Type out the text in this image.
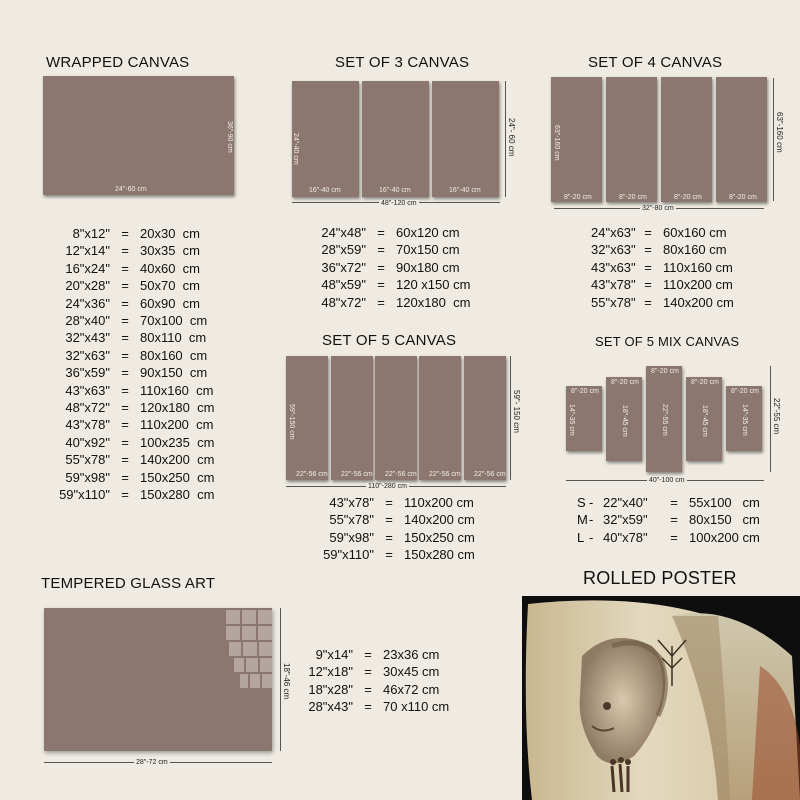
WRAPPED CANVAS
24"-60 cm
36"-90 cm
8"x12" = 20x30  cm
12"x14" = 30x35  cm
16"x24" = 40x60  cm
20"x28" = 50x70  cm
24"x36" = 60x90  cm
28"x40" = 70x100  cm
32"x43" = 80x110  cm
32"x63" = 80x160  cm
36"x59" = 90x150  cm
43"x63" = 110x160  cm
48"x72" = 120x180  cm
43"x78" = 110x200  cm
40"x92" = 100x235  cm
55"x78" = 140x200  cm
59"x98" = 150x250  cm
59"x110" = 150x280  cm
SET OF 3 CANVAS
24"-40 cm
16"-40 cm	16"-40 cm	16"-40 cm
48"-120 cm
24"- 60 cm
24"x48" = 60x120 cm
28"x59" = 70x150 cm
36"x72" = 90x180 cm
48"x59" = 120 x150 cm
48"x72" = 120x180  cm
SET OF 4 CANVAS
63"-160 cm
8"-20 cm	8"-20 cm	8"-20 cm	8"-20 cm
32"-80 cm
63"-160 cm
24"x63" = 60x160 cm
32"x63" = 80x160 cm
43"x63" = 110x160 cm
43"x78" = 110x200 cm
55"x78" = 140x200 cm
SET OF 5 CANVAS
59"-150 cm
22"-56 cm 22"-56 cm 22"-56 cm 22"-56 cm 22"-56 cm
110"-280 cm
59"- 150 cm
43"x78" = 110x200 cm
55"x78" = 140x200 cm
59"x98" = 150x250 cm
59"x110" = 150x280 cm
SET OF 5 MIX CANVAS
8"-20 cm
14"-35 cm
8"-20 cm
18"-45 cm
8"-20 cm
22"-55 cm
8"-20 cm
18"-45 cm
8"-20 cm
14"-35 cm
40"-100 cm
22"-55 cm
S - 22"x40" = 55x100   cm
M- 32"x59" = 80x150   cm
L - 40"x78" = 100x200 cm
TEMPERED GLASS ART
28"-72 cm
18"-46 cm
9"x14" = 23x36 cm
12"x18" = 30x45 cm
18"x28" = 46x72 cm
28"x43" = 70 x110 cm
ROLLED POSTER
